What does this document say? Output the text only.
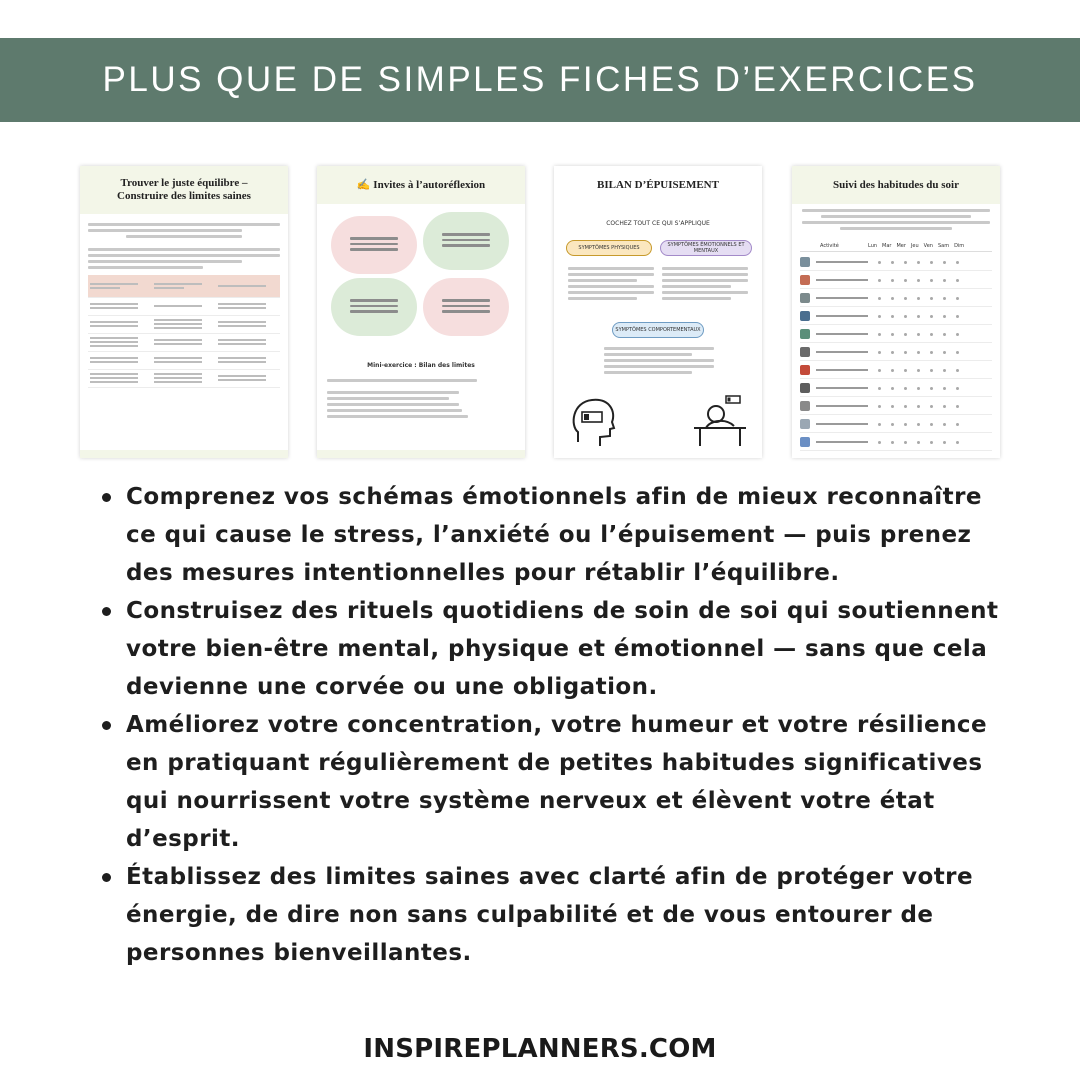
PLUS QUE DE SIMPLES FICHES D’EXERCICES
Trouver le juste équilibre –
Construire des limites saines

✍ Invites à l’autoréflexion
Mini-exercice : Bilan des limites
BILAN D’ÉPUISEMENT
COCHEZ TOUT CE QUI S’APPLIQUE
SYMPTÔMES PHYSIQUES	SYMPTÔMES ÉMOTIONNELS ET MENTAUX
SYMPTÔMES COMPORTEMENTAUX
Suivi des habitudes du soir
Activité	Lun Mar Mer Jeu Ven Sam Dim
Comprenez vos schémas émotionnels afin de mieux reconnaître ce qui cause le stress, l’anxiété ou l’épuisement — puis prenez des mesures intentionnelles pour rétablir l’équilibre.
Construisez des rituels quotidiens de soin de soi qui soutiennent votre bien-être mental, physique et émotionnel — sans que cela devienne une corvée ou une obligation.
Améliorez votre concentration, votre humeur et votre résilience en pratiquant régulièrement de petites habitudes significatives qui nourrissent votre système nerveux et élèvent votre état d’esprit.
Établissez des limites saines avec clarté afin de protéger votre énergie, de dire non sans culpabilité et de vous entourer de personnes bienveillantes.
INSPIREPLANNERS.COM
